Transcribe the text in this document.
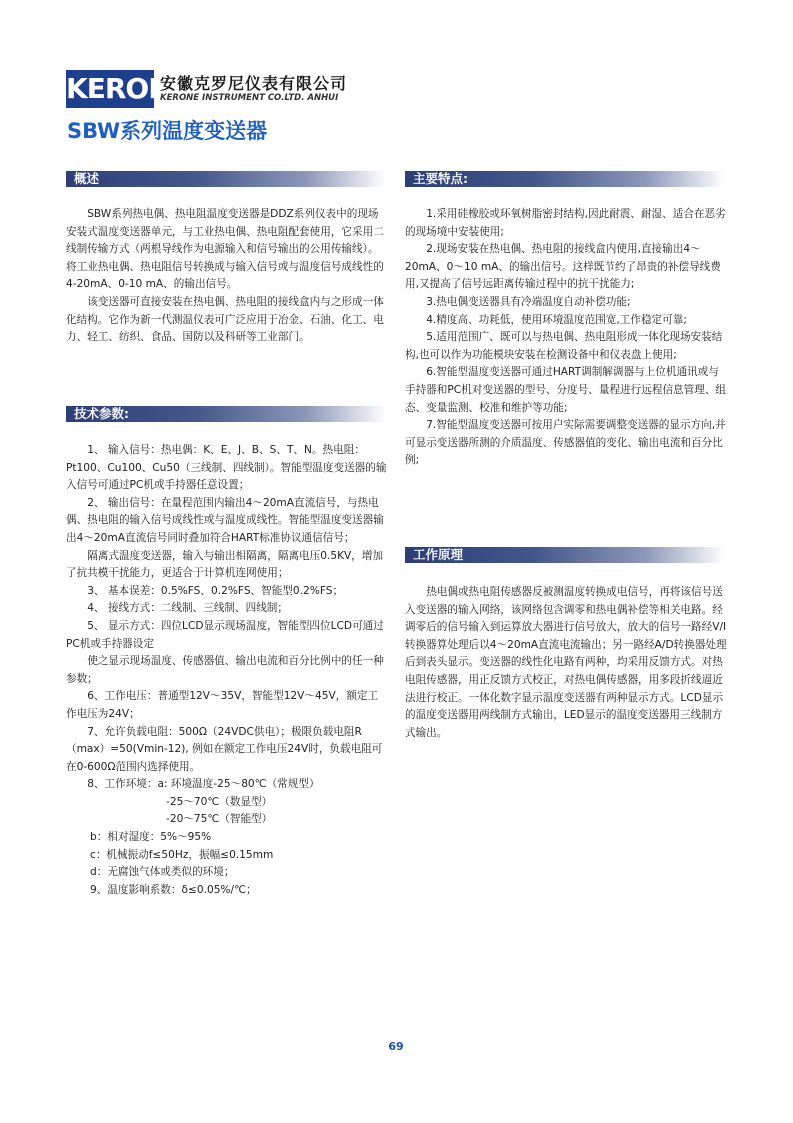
KERONE
安徽克罗尼仪表有限公司
KERONE INSTRUMENT CO.LTD. ANHUI
SBW系列温度变送器
概述

SBW系列热电偶、热电阻温度变送器是DDZ系列仪表中的现场安装式温度变送器单元，与工业热电偶、热电阻配套使用，它采用二线制传输方式（两根导线作为电源输入和信号输出的公用传输线）。将工业热电偶、热电阻信号转换成与输入信号或与温度信号成线性的4-20mA、0-10 mA、的输出信号。

该变送器可直接安装在热电偶、热电阻的接线盒内与之形成一体化结构。它作为新一代测温仪表可广泛应用于冶金、石油、化工、电力、轻工、纺织、食品、国防以及科研等工业部门。

技术参数:

1、 输入信号：热电偶：K、E、J、B、S、T、N。热电阻： Pt100、Cu100、Cu50（三线制、四线制）。智能型温度变送器的输入信号可通过PC机或手持器任意设置；

2、 输出信号：在量程范围内输出4～20mA直流信号，与热电偶、热电阻的输入信号成线性或与温度成线性。智能型温度变送器输出4～20mA直流信号同时叠加符合HART标准协议通信信号；

隔离式温度变送器，输入与输出相隔离，隔离电压0.5KV，增加了抗共模干扰能力，更适合于计算机连网使用；

3、 基本误差：0.5%FS、0.2%FS、智能型0.2%FS；

4、 接线方式：二线制、三线制、四线制；

5、 显示方式：四位LCD显示现场温度，智能型四位LCD可通过PC机或手持器设定

使之显示现场温度、传感器值、输出电流和百分比例中的任一种参数；

6、工作电压：普通型12V～35V，智能型12V～45V，额定工作电压为24V；

7、允许负载电阻：500Ω（24VDC供电）；极限负载电阻R（max）=50(Vmin-12), 例如在额定工作电压24V时，负载电阻可在0-600Ω范围内选择使用。

8、工作环境：a: 环境温度-25～80℃（常规型）

-25～70℃（数显型）

-20～75℃（智能型）

b：相对湿度：5%～95%

c：机械振动f≤50Hz，振幅≤0.15mm

d：无腐蚀气体或类似的环境；

9、温度影响系数：δ≤0.05%/℃；

主要特点:

1.采用硅橡胶或环氧树脂密封结构,因此耐震、耐湿、适合在恶劣的现场境中安装使用;

2.现场安装在热电偶、热电阻的接线盒内使用,直接输出4～20mA、0～10 mA、的输出信号。这样既节约了昂贵的补偿导线费用,又提高了信号远距离传输过程中的抗干扰能力;

3.热电偶变送器具有冷端温度自动补偿功能;

4.精度高、功耗低，使用环境温度范围宽,工作稳定可靠;

5.适用范围广、既可以与热电偶、热电阻形成一体化现场安装结构,也可以作为功能模块安装在检测设备中和仪表盘上使用;

6.智能型温度变送器可通过HART调制解调器与上位机通讯或与手持器和PC机对变送器的型号、分度号、量程进行远程信息管理、组态、变量监测、校准和维护等功能;

7.智能型温度变送器可按用户实际需要调整变送器的显示方向,并可显示变送器所测的介质温度、传感器值的变化、输出电流和百分比例;

工作原理

热电偶或热电阻传感器反被测温度转换成电信号，再将该信号送入变送器的输入网络，该网络包含调零和热电偶补偿等相关电路。经调零后的信号输入到运算放大器进行信号放大，放大的信号一路经V/I转换器算处理后以4～20mA直流电流输出；另一路经A/D转换器处理后到表头显示。变送器的线性化电路有两种，均采用反馈方式。对热电阻传感器，用正反馈方式校正，对热电偶传感器，用多段折线逼近法进行校正。一体化数字显示温度变送器有两种显示方式。LCD显示的温度变送器用两线制方式输出，LED显示的温度变送器用三线制方式输出。

69
